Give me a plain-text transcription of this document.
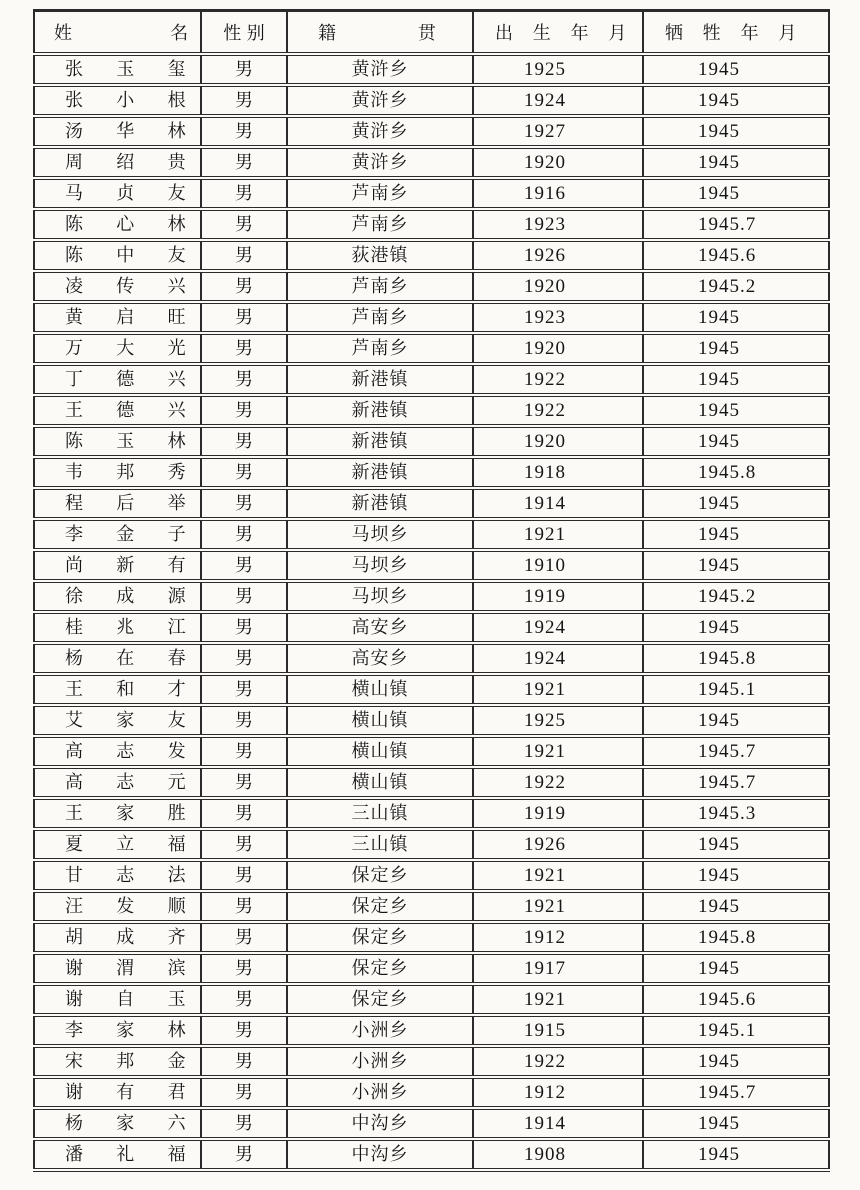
姓 名	性 别	籍 贯	出 生 年 月	牺 牲 年 月
张 玉 玺	男	黄浒乡	1925	1945
张 小 根	男	黄浒乡	1924	1945
汤 华 林	男	黄浒乡	1927	1945
周 绍 贵	男	黄浒乡	1920	1945
马 贞 友	男	芦南乡	1916	1945
陈 心 林	男	芦南乡	1923	1945.7
陈 中 友	男	荻港镇	1926	1945.6
凌 传 兴	男	芦南乡	1920	1945.2
黄 启 旺	男	芦南乡	1923	1945
万 大 光	男	芦南乡	1920	1945
丁 德 兴	男	新港镇	1922	1945
王 德 兴	男	新港镇	1922	1945
陈 玉 林	男	新港镇	1920	1945
韦 邦 秀	男	新港镇	1918	1945.8
程 后 举	男	新港镇	1914	1945
李 金 子	男	马坝乡	1921	1945
尚 新 有	男	马坝乡	1910	1945
徐 成 源	男	马坝乡	1919	1945.2
桂 兆 江	男	高安乡	1924	1945
杨 在 春	男	高安乡	1924	1945.8
王 和 才	男	横山镇	1921	1945.1
艾 家 友	男	横山镇	1925	1945
高 志 发	男	横山镇	1921	1945.7
高 志 元	男	横山镇	1922	1945.7
王 家 胜	男	三山镇	1919	1945.3
夏 立 福	男	三山镇	1926	1945
甘 志 法	男	保定乡	1921	1945
汪 发 顺	男	保定乡	1921	1945
胡 成 齐	男	保定乡	1912	1945.8
谢 渭 滨	男	保定乡	1917	1945
谢 自 玉	男	保定乡	1921	1945.6
李 家 林	男	小洲乡	1915	1945.1
宋 邦 金	男	小洲乡	1922	1945
谢 有 君	男	小洲乡	1912	1945.7
杨 家 六	男	中沟乡	1914	1945
潘 礼 福	男	中沟乡	1908	1945
